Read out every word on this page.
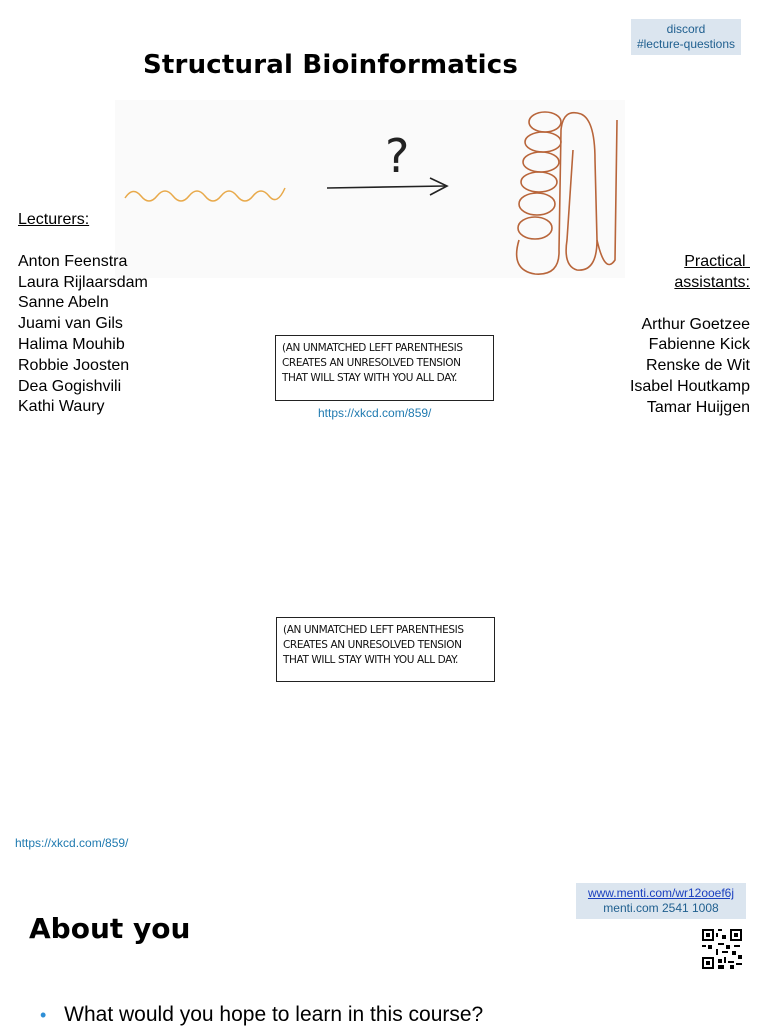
discord
#lecture-questions
Structural Bioinformatics
?
Lecturers:
Anton Feenstra
Laura Rijlaarsdam
Sanne Abeln
Juami van Gils
Halima Mouhib
Robbie Joosten
Dea Gogishvili
Kathi Waury
Practical
assistants:
Arthur Goetzee
Fabienne Kick
Renske de Wit
Isabel Houtkamp
Tamar Huijgen
(AN UNMATCHED LEFT PARENTHESIS
CREATES AN UNRESOLVED TENSION
THAT WILL STAY WITH YOU ALL DAY.
https://xkcd.com/859/
(AN UNMATCHED LEFT PARENTHESIS
CREATES AN UNRESOLVED TENSION
THAT WILL STAY WITH YOU ALL DAY.
https://xkcd.com/859/
www.menti.com/wr12ooef6j
menti.com 2541 1008
About you
• What would you hope to learn in this course?
